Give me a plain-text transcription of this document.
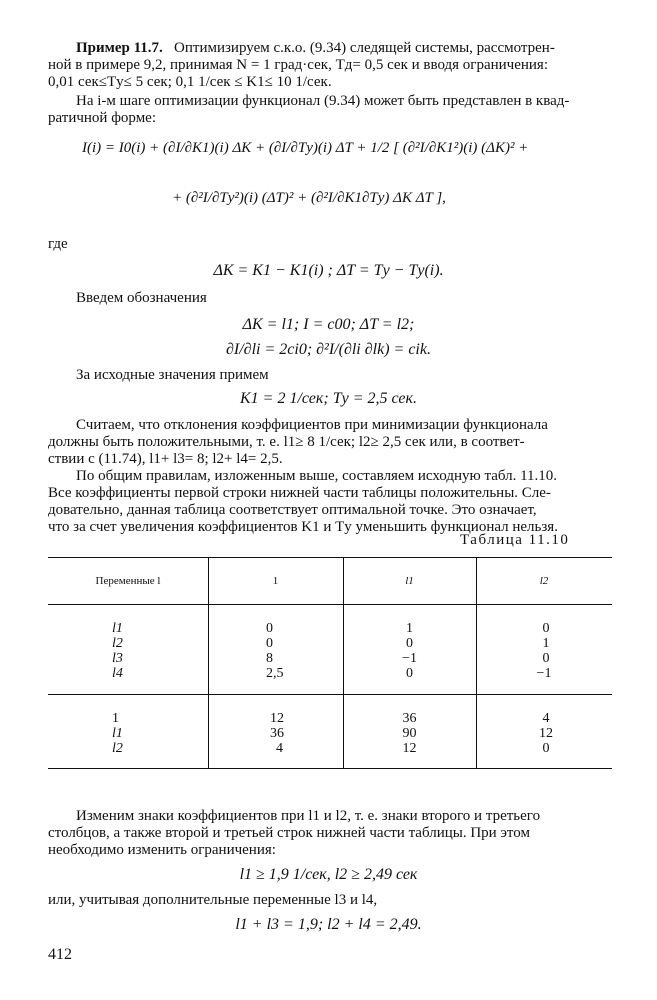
Пример 11.7. Оптимизируем с.к.о. (9.34) следящей системы, рассмотрен-
ной в примере 9,2, принимая N = 1 град·сек, Tд= 0,5 сек и вводя ограничения:
0,01 сек≤Tу≤ 5 сек; 0,1 1/сек ≤ K1≤ 10 1/сек.
На i-м шаге оптимизации функционал (9.34) может быть представлен в квад-
ратичной форме:
I(i) = I0(i) + (∂I/∂K1)(i) ΔK + (∂I/∂Tу)(i) ΔT + 1/2 [ (∂²I/∂K1²)(i) (ΔK)² +
+ (∂²I/∂Tу²)(i) (ΔT)² + (∂²I/∂K1∂Tу) ΔK ΔT ],
где
ΔK = K1 − K1(i) ; ΔT = Tу − Tу(i).
Введем обозначения
ΔK = l1; I = c00; ΔT = l2;
∂I/∂li = 2ci0; ∂²I/(∂li ∂lk) = cik.
За исходные значения примем
K1 = 2 1/сек; Tу = 2,5 сек.
Считаем, что отклонения коэффициентов при минимизации функционала
должны быть положительными, т. е. l1≥ 8 1/сек; l2≥ 2,5 сек или, в соответ-
ствии с (11.74), l1+ l3= 8; l2+ l4= 2,5.
По общим правилам, изложенным выше, составляем исходную табл. 11.10.
Все коэффициенты первой строки нижней части таблицы положительны. Сле-
довательно, данная таблица соответствует оптимальной точке. Это означает,
что за счет увеличения коэффициентов K1 и Tу уменьшить функционал нельзя.
Таблица 11.10
Переменные l	1	l1	l2
l1	0	1	0
l2	0	0	1
l3	8	−1	0
l4	2,5	0	−1
1	12	36	4
l1	36	90	12
l2	4	12	0
Изменим знаки коэффициентов при l1 и l2, т. е. знаки второго и третьего
столбцов, а также второй и третьей строк нижней части таблицы. При этом
необходимо изменить ограничения:
l1 ≥ 1,9 1/сек, l2 ≥ 2,49 сек
или, учитывая дополнительные переменные l3 и l4,
l1 + l3 = 1,9; l2 + l4 = 2,49.
412
